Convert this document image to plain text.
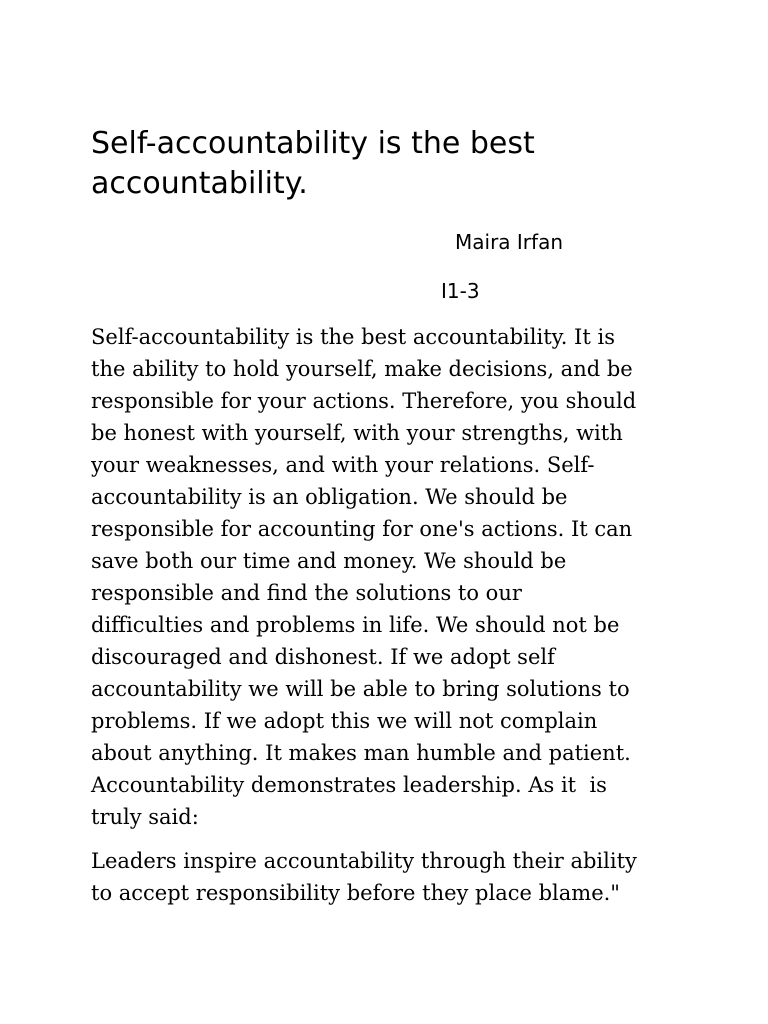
Self-accountability is the best
accountability.

Maira Irfan

I1-3

Self-accountability is the best accountability. It is
the ability to hold yourself, make decisions, and be
responsible for your actions. Therefore, you should
be honest with yourself, with your strengths, with
your weaknesses, and with your relations. Self-
accountability is an obligation. We should be
responsible for accounting for one's actions. It can
save both our time and money. We should be
responsible and find the solutions to our
difficulties and problems in life. We should not be
discouraged and dishonest. If we adopt self
accountability we will be able to bring solutions to
problems. If we adopt this we will not complain
about anything. It makes man humble and patient.
Accountability demonstrates leadership. As it  is
truly said:

Leaders inspire accountability through their ability
to accept responsibility before they place blame."
